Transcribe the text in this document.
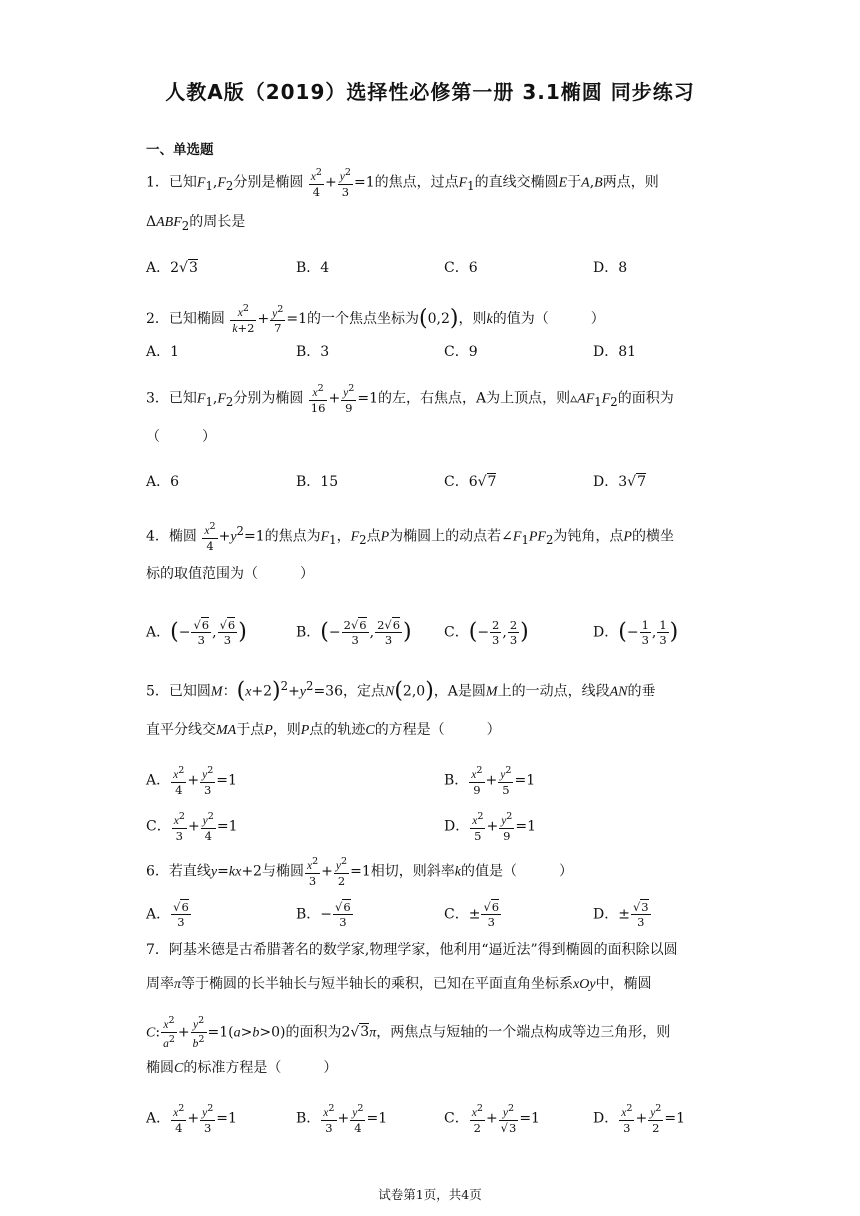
人教A版（2019）选择性必修第一册 3.1椭圆 同步练习
一、单选题
1．已知$F_1,F_2$分别是椭圆 $\frac{x^2}{4} + \frac{y^2}{3} =1$的焦点，过点$F_1$的直线交椭圆E于A,B两点，则
$\Delta ABF_2$的周长是
A．2√3	B．4	C．6	D．8
2．已知椭圆 $\frac{x^2}{k+2} + \frac{y^2}{7} =1$的一个焦点坐标为(0,2)，则k的值为（　　　）
A．1	B．3	C．9	D．81
3．已知$F_1,F_2$分别为椭圆 $\frac{x^2}{16} + \frac{y^2}{9} =1$的左，右焦点，A为上顶点，则$▵AF_1F_2$的面积为
（　　　）
A．6	B．15	C．6√7	D．3√7
4．椭圆 $\frac{x^2}{4} +y^2=1$的焦点为$F_1$，$F_2$点P为椭圆上的动点若$\angle F_1PF_2$为钝角，点P的横坐
标的取值范围为（　　　）
A．(− $\frac{√6}{3}$ , $\frac{√6}{3}$ )	B．(− $\frac{2√6}{3}$ , $\frac{2√6}{3}$ ) C．(− $\frac{2}{3}$ , $\frac{2}{3}$ )	D．(− $\frac{1}{3}$ , $\frac{1}{3}$ )
5．已知圆M：$(x+2)^2+y^2=36$，定点N(2,0)，A是圆M上的一动点，线段AN的垂
直平分线交MA于点P，则P点的轨迹C的方程是（　　　）
A． $\frac{x^2}{4} + \frac{y^2}{3} =1$	B． $\frac{x^2}{9} + \frac{y^2}{5} =1$
C． $\frac{x^2}{3} + \frac{y^2}{4} =1$	D． $\frac{x^2}{5} + \frac{y^2}{9} =1$
6．若直线y=kx+2与椭圆 $\frac{x^2}{3} + \frac{y^2}{2} =1$相切，则斜率k的值是（　　　）
A． $\frac{√6}{3}$	B．− $\frac{√6}{3}$	C．± $\frac{√6}{3}$	D．± $\frac{√3}{3}$
7．阿基米德是古希腊著名的数学家,物理学家，他利用“逼近法”得到椭圆的面积除以圆
周率π等于椭圆的长半轴长与短半轴长的乘积，已知在平面直角坐标系xOy中，椭圆
C: $\frac{x^2}{a^2} + \frac{y^2}{b^2} =1(a>b>0)$的面积为2√3π，两焦点与短轴的一个端点构成等边三角形，则
椭圆C的标准方程是（　　　）
A． $\frac{x^2}{4} + \frac{y^2}{3} =1$	B． $\frac{x^2}{3} + \frac{y^2}{4} =1$	C． $\frac{x^2}{2} + \frac{y^2}{√3} =1$	D． $\frac{x^2}{3} + \frac{y^2}{2} =1$
试卷第1页，共4页
